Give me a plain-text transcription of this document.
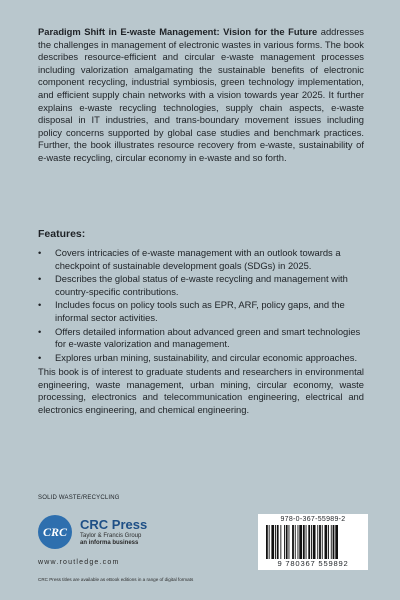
Paradigm Shift in E-waste Management: Vision for the Future addresses the challenges in management of electronic wastes in various forms. The book describes resource-efficient and circular e-waste management processes including valorization amalgamating the sustainable benefits of electronic component recycling, industrial symbiosis, green technology implementation, and efficient supply chain networks with a vision towards year 2025. It further explains e-waste recycling technologies, supply chain aspects, e-waste disposal in IT industries, and trans-boundary movement issues including policy concerns supported by global case studies and benchmark practices. Further, the book illustrates resource recovery from e-waste, sustainability of e-waste recycling, circular economy in e-waste and so forth.

Features:
• Covers intricacies of e-waste management with an outlook towards a checkpoint of sustainable development goals (SDGs) in 2025.
• Describes the global status of e-waste recycling and management with country-specific contributions.
• Includes focus on policy tools such as EPR, ARF, policy gaps, and the informal sector activities.
• Offers detailed information about advanced green and smart technologies for e-waste valorization and management.
• Explores urban mining, sustainability, and circular economic approaches.

This book is of interest to graduate students and researchers in environmental engineering, waste management, urban mining, circular economy, waste processing, electronics and telecommunication engineering, electrical and electronics engineering, and chemical engineering.

SOLID WASTE/RECYCLING
CRC CRC Press
Taylor & Francis Group
an informa business
www.routledge.com
CRC Press titles are available as eBook editions in a range of digital formats
978-0-367-55989-2
9 780367 559892
